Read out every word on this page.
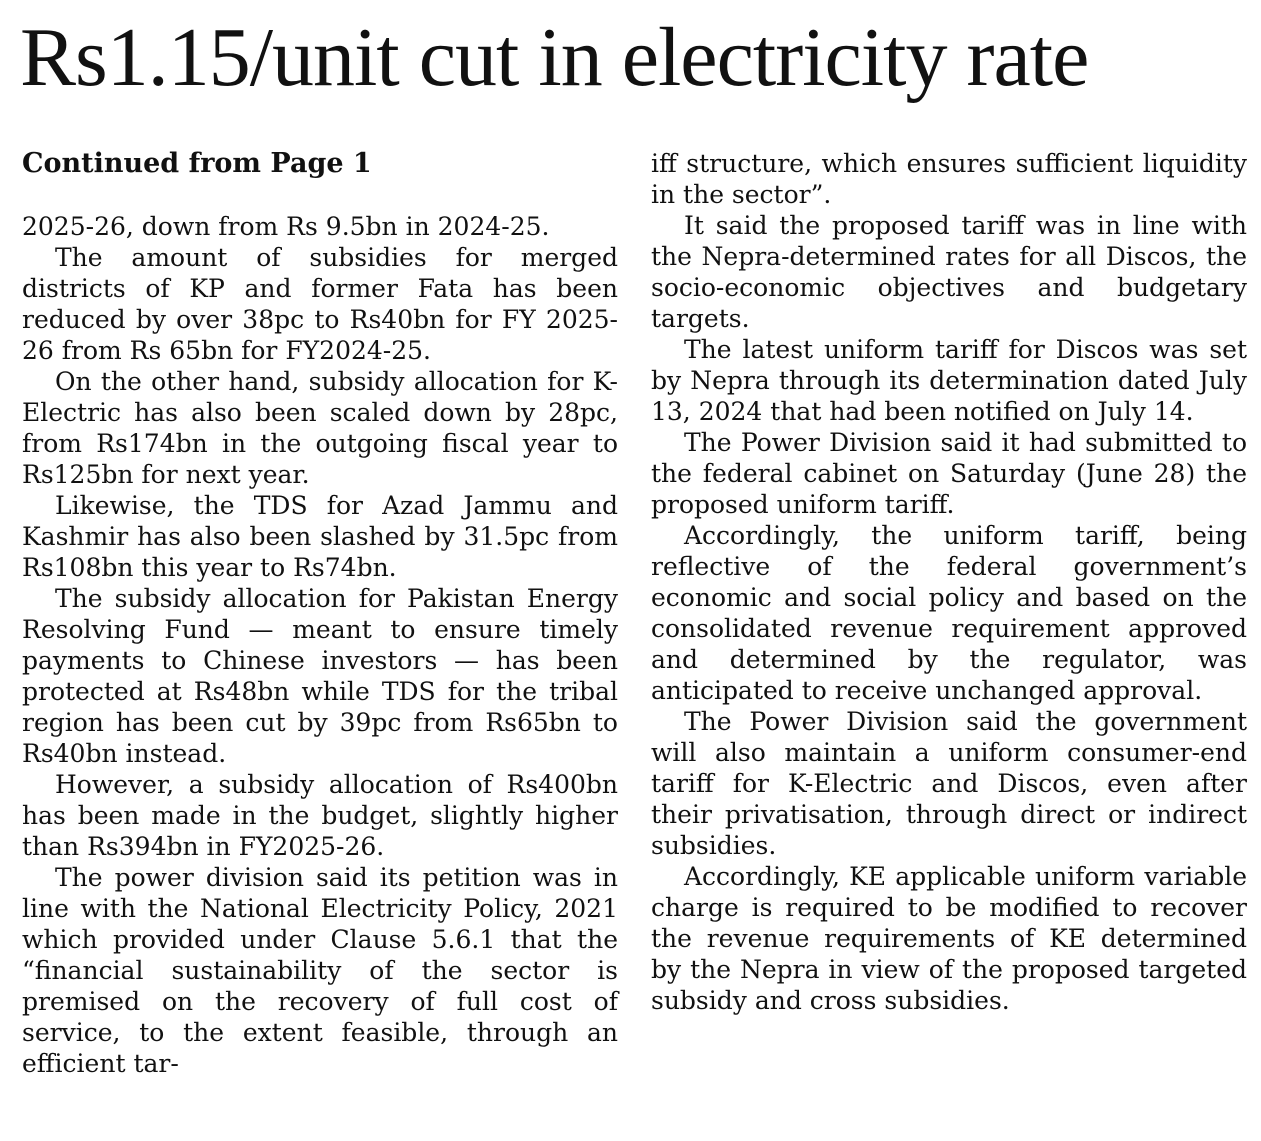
Rs1.15/unit cut in electricity rate
Continued from Page 1

2025-26, down from Rs 9.5bn in 2024-25.

The amount of subsidies for merged districts of KP and former Fata has been reduced by over 38pc to Rs40bn for FY 2025-26 from Rs 65bn for FY2024-25.

On the other hand, subsidy allocation for K-Electric has also been scaled down by 28pc, from Rs174bn in the outgoing fiscal year to Rs125bn for next year.

Likewise, the TDS for Azad Jammu and Kashmir has also been slashed by 31.5pc from Rs108bn this year to Rs74bn.

The subsidy allocation for Pakistan Energy Resolving Fund — meant to ensure timely payments to Chinese investors — has been protected at Rs48bn while TDS for the tribal region has been cut by 39pc from Rs65bn to Rs40bn instead.

However, a subsidy allocation of Rs400bn has been made in the budget, slightly higher than Rs394bn in FY2025-26.

The power division said its petition was in line with the National Electricity Policy, 2021 which provided under Clause 5.6.1 that the “financial sustainability of the sector is premised on the recovery of full cost of service, to the extent feasible, through an efficient tar-

iff structure, which ensures sufficient liquidity in the sector”.

It said the proposed tariff was in line with the Nepra-determined rates for all Discos, the socio-economic objectives and budgetary targets.

The latest uniform tariff for Discos was set by Nepra through its determination dated July 13, 2024 that had been notified on July 14.

The Power Division said it had submitted to the federal cabinet on Saturday (June 28) the proposed uniform tariff.

Accordingly, the uniform tariff, being reflective of the federal government’s economic and social policy and based on the consolidated revenue requirement approved and determined by the regulator, was anticipated to receive unchanged approval.

The Power Division said the government will also maintain a uniform consumer-end tariff for K-Electric and Discos, even after their privatisation, through direct or indirect subsidies.

Accordingly, KE applicable uniform variable charge is required to be modified to recover the revenue requirements of KE determined by the Nepra in view of the proposed targeted subsidy and cross subsidies.
